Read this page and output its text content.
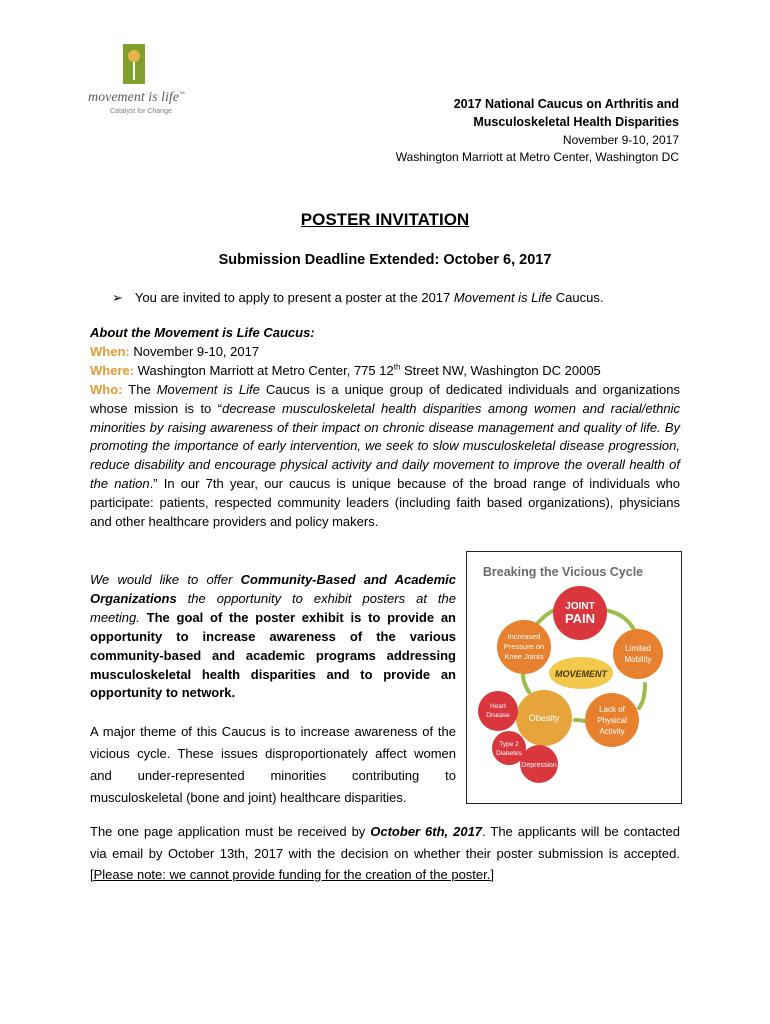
movement is life™
Catalyst for Change
2017 National Caucus on Arthritis and
Musculoskeletal Health Disparities
November 9-10, 2017
Washington Marriott at Metro Center, Washington DC
POSTER INVITATION
Submission Deadline Extended: October 6, 2017
➢ You are invited to apply to present a poster at the 2017 Movement is Life Caucus.
About the Movement is Life Caucus:
When: November 9-10, 2017
Where: Washington Marriott at Metro Center, 775 12th Street NW, Washington DC 20005
Who: The Movement is Life Caucus is a unique group of dedicated individuals and organizations whose mission is to “decrease musculoskeletal health disparities among women and racial/ethnic minorities by raising awareness of their impact on chronic disease management and quality of life. By promoting the importance of early intervention, we seek to slow musculoskeletal disease progression, reduce disability and encourage physical activity and daily movement to improve the overall health of the nation.” In our 7th year, our caucus is unique because of the broad range of individuals who participate: patients, respected community leaders (including faith based organizations), physicians and other healthcare providers and policy makers.
We would like to offer Community-Based and Academic Organizations the opportunity to exhibit posters at the meeting. The goal of the poster exhibit is to provide an opportunity to increase awareness of the various community-based and academic programs addressing musculoskeletal health disparities and to provide an opportunity to network.
A major theme of this Caucus is to increase awareness of the vicious cycle. These issues disproportionately affect women and under-represented minorities contributing to musculoskeletal (bone and joint) healthcare disparities.
Breaking the Vicious Cycle
MOVEMENT
JOINT
PAIN
Limited
Mobility
Lack of
Physical
Activity
Obesity
Increased
Pressure on
Knee Joints
Heart
Disease
Type 2
Diabetes
Depression
The one page application must be received by October 6th, 2017. The applicants will be contacted via email by October 13th, 2017 with the decision on whether their poster submission is accepted. [Please note: we cannot provide funding for the creation of the poster.]
